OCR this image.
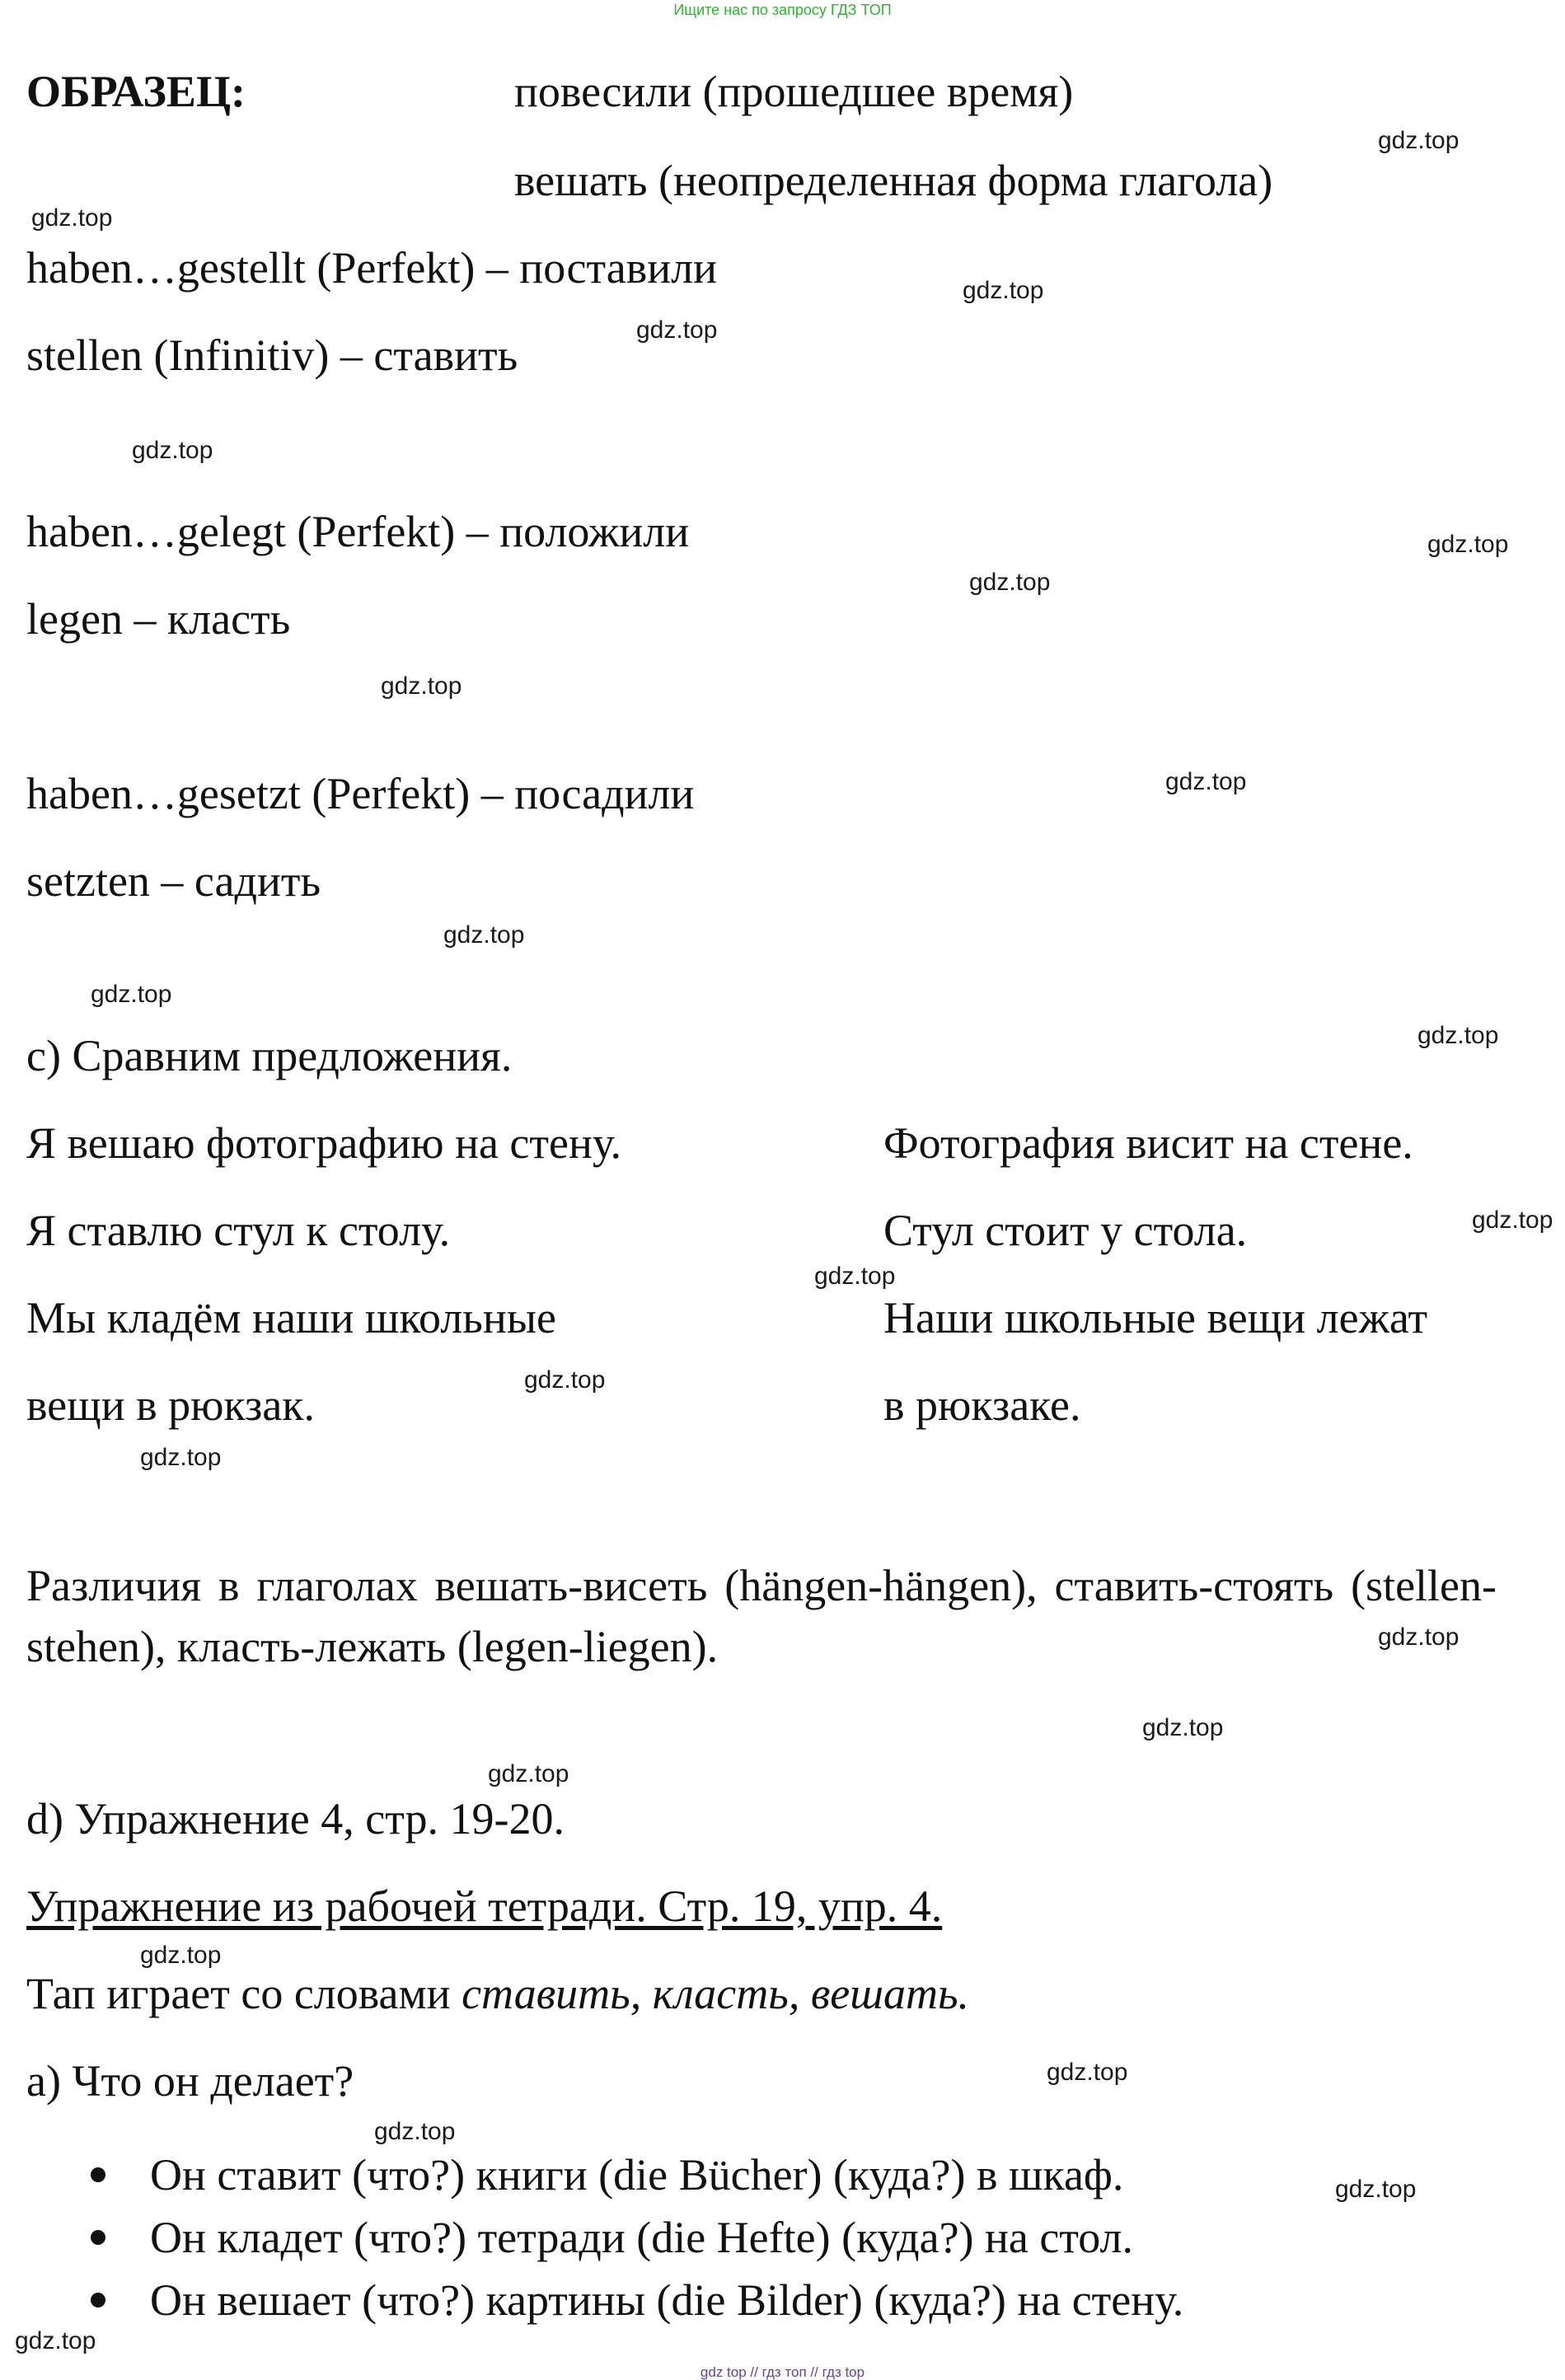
Ищите нас по запросу ГДЗ ТОП
ОБРАЗЕЦ:	повесили (прошедшее время)
вешать (неопределенная форма глагола)
haben…gestellt (Perfekt) – поставили
stellen (Infinitiv) – ставить
haben…gelegt (Perfekt) – положили
legen – класть
haben…gesetzt (Perfekt) – посадили
setzten – садить
c) Сравним предложения.
Я вешаю фотографию на стену.	Фотография висит на стене.
Я ставлю стул к столу.	Стул стоит у стола.
Мы кладём наши школьные	Наши школьные вещи лежат
вещи в рюкзак.	в рюкзаке.
Различия в глаголах вешать-висеть (hängen-hängen), ставить-стоять (stellen-stehen), класть-лежать (legen-liegen).
d) Упражнение 4, стр. 19-20.
Упражнение из рабочей тетради. Стр. 19, упр. 4.
Тап играет со словами ставить, класть, вешать.
a) Что он делает?
Он ставит (что?) книги (die Bücher) (куда?) в шкаф.
Он кладет (что?) тетради (die Hefte) (куда?) на стол.
Он вешает (что?) картины (die Bilder) (куда?) на стену.
gdz.top
gdz.top
gdz.top
gdz.top
gdz.top
gdz.top
gdz.top
gdz.top
gdz.top
gdz.top
gdz.top
gdz.top
gdz.top
gdz.top
gdz.top
gdz.top
gdz.top
gdz.top
gdz.top
gdz.top
gdz.top
gdz.top
gdz.top
gdz.top
gdz top // гдз топ // гдз top
